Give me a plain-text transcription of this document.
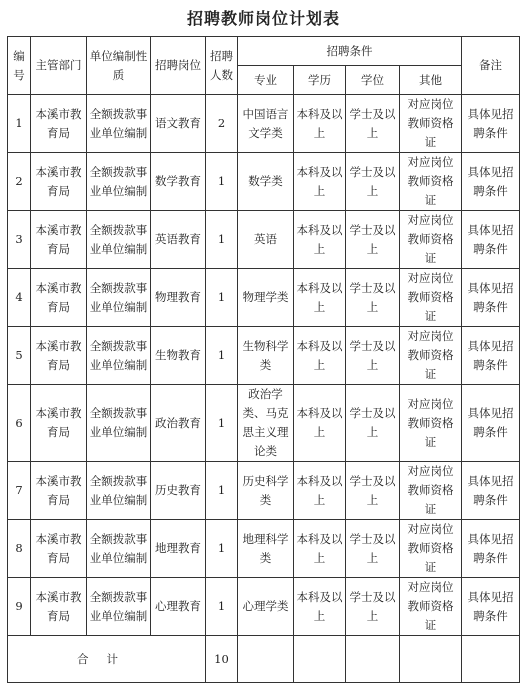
招聘教师岗位计划表
编号	主管部门	单位编制性质	招聘岗位	招聘人数	招聘条件				备注
					专业	学历	学位	其他	
1	本溪市教育局	全额拨款事业单位编制	语文教育	2	中国语言文学类	本科及以上	学士及以上	对应岗位教师资格证	具体见招聘条件
2	本溪市教育局	全额拨款事业单位编制	数学教育	1	数学类	本科及以上	学士及以上	对应岗位教师资格证	具体见招聘条件
3	本溪市教育局	全额拨款事业单位编制	英语教育	1	英语	本科及以上	学士及以上	对应岗位教师资格证	具体见招聘条件
4	本溪市教育局	全额拨款事业单位编制	物理教育	1	物理学类	本科及以上	学士及以上	对应岗位教师资格证	具体见招聘条件
5	本溪市教育局	全额拨款事业单位编制	生物教育	1	生物科学类	本科及以上	学士及以上	对应岗位教师资格证	具体见招聘条件
6	本溪市教育局	全额拨款事业单位编制	政治教育	1	政治学类、马克思主义理论类	本科及以上	学士及以上	对应岗位教师资格证	具体见招聘条件
7	本溪市教育局	全额拨款事业单位编制	历史教育	1	历史科学类	本科及以上	学士及以上	对应岗位教师资格证	具体见招聘条件
8	本溪市教育局	全额拨款事业单位编制	地理教育	1	地理科学类	本科及以上	学士及以上	对应岗位教师资格证	具体见招聘条件
9	本溪市教育局	全额拨款事业单位编制	心理教育	1	心理学类	本科及以上	学士及以上	对应岗位教师资格证	具体见招聘条件
合计				10					
